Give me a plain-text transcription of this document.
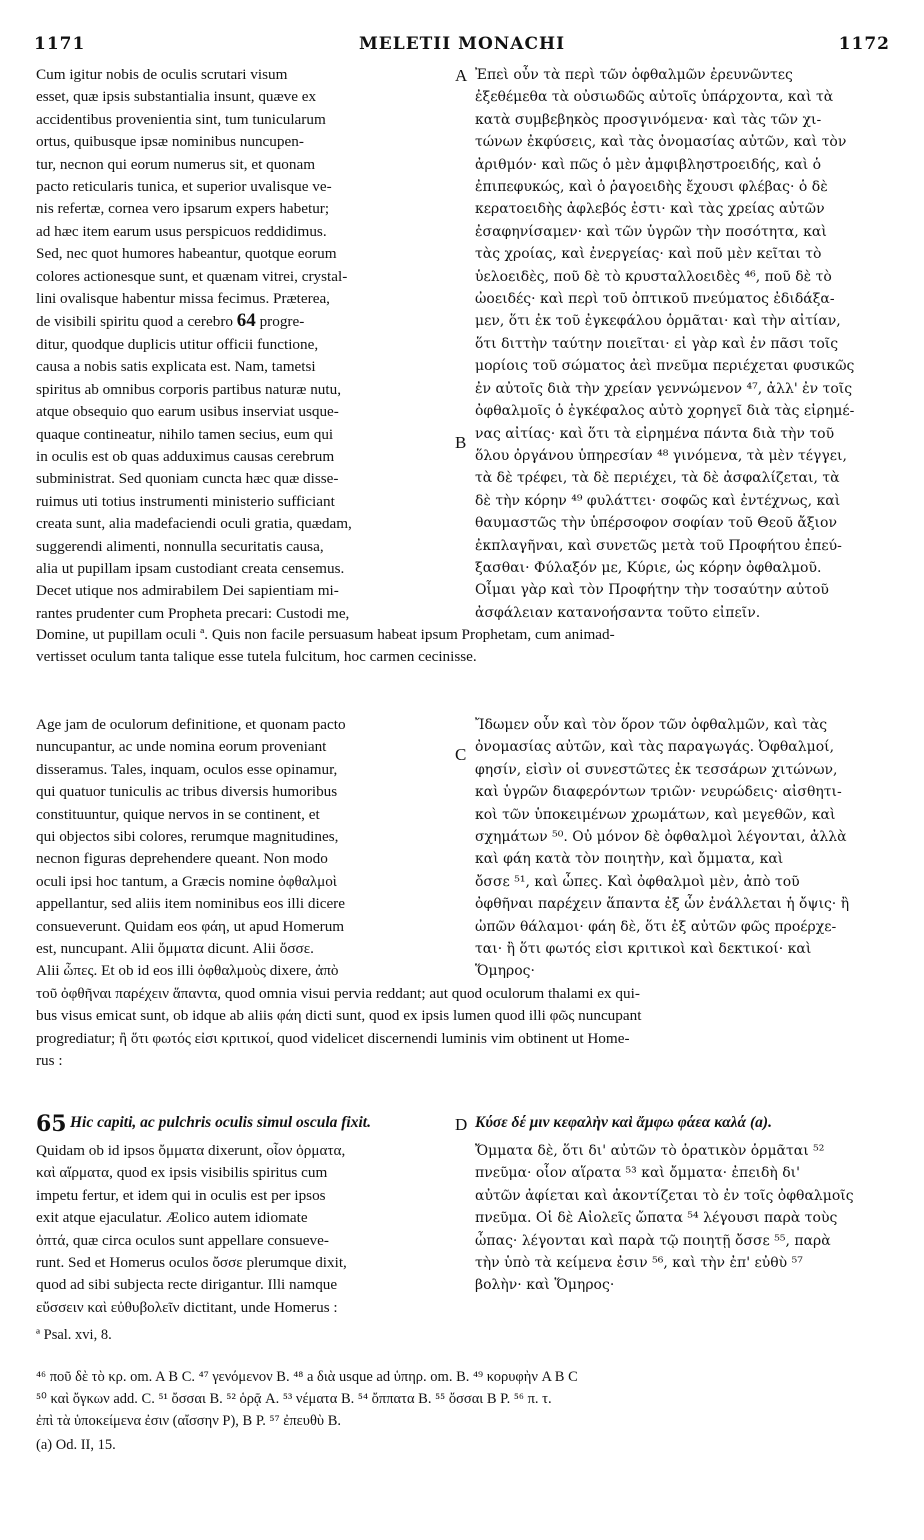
1171	MELETII MONACHI	1172
A
B
C
D
Cum igitur nobis de oculis scrutari visum
esset, quæ ipsis substantialia insunt, quæve ex
accidentibus provenientia sint, tum tunicularum
ortus, quibusque ipsæ nominibus nuncupen-
tur, necnon qui eorum numerus sit, et quonam
pacto reticularis tunica, et superior uvalisque ve-
nis refertæ, cornea vero ipsarum expers habetur;
ad hæc item earum usus perspicuos reddidimus.
Sed, nec quot humores habeantur, quotque eorum
colores actionesque sunt, et quænam vitrei, crystal-
lini ovalisque habentur missa fecimus. Præterea,
de visibili spiritu quod a cerebro 64 progre-
ditur, quodque duplicis utitur officii functione,
causa a nobis satis explicata est. Nam, tametsi
spiritus ab omnibus corporis partibus naturæ nutu,
atque obsequio quo earum usibus inserviat usque-
quaque contineatur, nihilo tamen secius, eum qui
in oculis est ob quas adduximus causas cerebrum
subministrat. Sed quoniam cuncta hæc quæ disse-
ruimus uti totius instrumenti ministerio sufficiant
creata sunt, alia madefaciendi oculi gratia, quædam,
suggerendi alimenti, nonnulla securitatis causa,
alia ut pupillam ipsam custodiant creata censemus.
Decet utique nos admirabilem Dei sapientiam mi-
rantes prudenter cum Propheta precari: Custodi me,
Ἐπεὶ οὖν τὰ περὶ τῶν ὀφθαλμῶν ἐρευνῶντες
ἐξεθέμεθα τὰ οὐσιωδῶς αὐτοῖς ὑπάρχοντα, καὶ τὰ
κατὰ συμβεβηκὸς προσγινόμενα· καὶ τὰς τῶν χι-
τώνων ἐκφύσεις, καὶ τὰς ὀνομασίας αὐτῶν, καὶ τὸν
ἀριθμόν· καὶ πῶς ὁ μὲν ἀμφιβληστροειδής, καὶ ὁ
ἐπιπεφυκώς, καὶ ὁ ῥαγοειδὴς ἔχουσι φλέβας· ὁ δὲ
κερατοειδὴς ἀφλεβός ἐστι· καὶ τὰς χρείας αὐτῶν
ἐσαφηνίσαμεν· καὶ τῶν ὑγρῶν τὴν ποσότητα, καὶ
τὰς χροίας, καὶ ἐνεργείας· καὶ ποῦ μὲν κεῖται τὸ
ὑελοειδὲς, ποῦ δὲ τὸ κρυσταλλοειδὲς ⁴⁶, ποῦ δὲ τὸ
ὠοειδές· καὶ περὶ τοῦ ὀπτικοῦ πνεύματος ἐδιδάξα-
μεν, ὅτι ἐκ τοῦ ἐγκεφάλου ὁρμᾶται· καὶ τὴν αἰτίαν,
ὅτι διττὴν ταύτην ποιεῖται· εἰ γὰρ καὶ ἐν πᾶσι τοῖς
μορίοις τοῦ σώματος ἀεὶ πνεῦμα περιέχεται φυσικῶς
ἐν αὐτοῖς διὰ τὴν χρείαν γεννώμενον ⁴⁷, ἀλλ' ἐν τοῖς
ὀφθαλμοῖς ὁ ἐγκέφαλος αὐτὸ χορηγεῖ διὰ τὰς εἰρημέ-
νας αἰτίας· καὶ ὅτι τὰ εἰρημένα πάντα διὰ τὴν τοῦ
ὅλου ὀργάνου ὑπηρεσίαν ⁴⁸ γινόμενα, τὰ μὲν τέγγει,
τὰ δὲ τρέφει, τὰ δὲ περιέχει, τὰ δὲ ἀσφαλίζεται, τὰ
δὲ τὴν κόρην ⁴⁹ φυλάττει· σοφῶς καὶ ἐντέχνως, καὶ
θαυμαστῶς τὴν ὑπέρσοφον σοφίαν τοῦ Θεοῦ ἄξιον
ἐκπλαγῆναι, καὶ συνετῶς μετὰ τοῦ Προφήτου ἐπεύ-
ξασθαι· Φύλαξόν με, Κύριε, ὡς κόρην ὀφθαλμοῦ.
Οἶμαι γὰρ καὶ τὸν Προφήτην τὴν τοσαύτην αὐτοῦ
ἀσφάλειαν κατανοήσαντα τοῦτο εἰπεῖν.
Domine, ut pupillam oculi ª. Quis non facile persuasum habeat ipsum Prophetam, cum animad-
vertisset oculum tanta talique esse tutela fulcitum, hoc carmen cecinisse.
Age jam de oculorum definitione, et quonam pacto
nuncupantur, ac unde nomina eorum proveniant
disseramus. Tales, inquam, oculos esse opinamur,
qui quatuor tuniculis ac tribus diversis humoribus
constituuntur, quique nervos in se continent, et
qui objectos sibi colores, rerumque magnitudines,
necnon figuras deprehendere queant. Non modo
oculi ipsi hoc tantum, a Græcis nomine ὀφθαλμοὶ
appellantur, sed aliis item nominibus eos illi dicere
consueverunt. Quidam eos φάη, ut apud Homerum
est, nuncupant. Alii ὄμματα dicunt. Alii ὄσσε.
Alii ὦπες. Et ob id eos illi ὀφθαλμοὺς dixere, ἀπὸ
Ἴδωμεν οὖν καὶ τὸν ὅρον τῶν ὀφθαλμῶν, καὶ τὰς
ὀνομασίας αὐτῶν, καὶ τὰς παραγωγάς. Ὀφθαλμοί,
φησίν, εἰσὶν οἱ συνεστῶτες ἐκ τεσσάρων χιτώνων,
καὶ ὑγρῶν διαφερόντων τριῶν· νευρώδεις· αἰσθητι-
κοὶ τῶν ὑποκειμένων χρωμάτων, καὶ μεγεθῶν, καὶ
σχημάτων ⁵⁰. Οὐ μόνον δὲ ὀφθαλμοὶ λέγονται, ἀλλὰ
καὶ φάη κατὰ τὸν ποιητὴν, καὶ ὄμματα, καὶ
ὄσσε ⁵¹, καὶ ὦπες. Καὶ ὀφθαλμοὶ μὲν, ἀπὸ τοῦ
ὀφθῆναι παρέχειν ἅπαντα ἐξ ὧν ἐνάλλεται ἡ ὄψις· ἢ
ὠπῶν θάλαμοι· φάη δὲ, ὅτι ἐξ αὐτῶν φῶς προέρχε-
ται· ἢ ὅτι φωτός εἰσι κριτικοὶ καὶ δεκτικοί· καὶ
Ὅμηρος·
τοῦ ὀφθῆναι παρέχειν ἅπαντα, quod omnia visui pervia reddant; aut quod oculorum thalami ex qui-
bus visus emicat sunt, ob idque ab aliis φάη dicti sunt, quod ex ipsis lumen quod illi φῶς nuncupant
progrediatur; ἢ ὅτι φωτός εἰσι κριτικοί, quod videlicet discernendi luminis vim obtinent ut Home-
rus :
65 Hic capiti, ac pulchris oculis simul oscula fixit.	Κύσε δέ μιν κεφαλὴν καὶ ἄμφω φάεα καλά (a).
Quidam ob id ipsos ὄμματα dixerunt, οἷον ὁρματα,
καὶ αἵρματα, quod ex ipsis visibilis spiritus cum
impetu fertur, et idem qui in oculis est per ipsos
exit atque ejaculatur. Æolico autem idiomate
ὀπτά, quæ circa oculos sunt appellare consueve-
runt. Sed et Homerus oculos ὄσσε plerumque dixit,
quod ad sibi subjecta recte dirigantur. Illi namque
εὔσσειν καὶ εὐθυβολεῖν dictitant, unde Homerus :
Ὄμματα δὲ, ὅτι δι' αὐτῶν τὸ ὁρατικὸν ὁρμᾶται ⁵²
πνεῦμα· οἷον αἵρατα ⁵³ καὶ ὄμματα· ἐπειδὴ δι'
αὐτῶν ἀφίεται καὶ ἀκοντίζεται τὸ ἐν τοῖς ὀφθαλμοῖς
πνεῦμα. Οἱ δὲ Αἰολεῖς ὤπατα ⁵⁴ λέγουσι παρὰ τοὺς
ὦπας· λέγονται καὶ παρὰ τῷ ποιητῇ ὄσσε ⁵⁵, παρὰ
τὴν ὑπὸ τὰ κείμενα ἐσιν ⁵⁶, καὶ τὴν ἐπ' εὐθὺ ⁵⁷
βολὴν· καὶ Ὅμηρος·
ª Psal. xvi, 8.
⁴⁶ ποῦ δὲ τὸ κρ. om. A B C. ⁴⁷ γενόμενον B. ⁴⁸ a διὰ usque ad ὑπηρ. om. B. ⁴⁹ κορυφὴν A B C
⁵⁰ καὶ ὄγκων add. C. ⁵¹ ὄσσαι B. ⁵² ὁρᾷ A. ⁵³ νέματα B. ⁵⁴ ὄππατα B. ⁵⁵ ὄσσαι B P. ⁵⁶ π. τ.
ἐπὶ τὰ ὑποκείμενα ἐσιν (αἴσσην P), B P. ⁵⁷ ἐπευθὺ B.
(a) Od. II, 15.
